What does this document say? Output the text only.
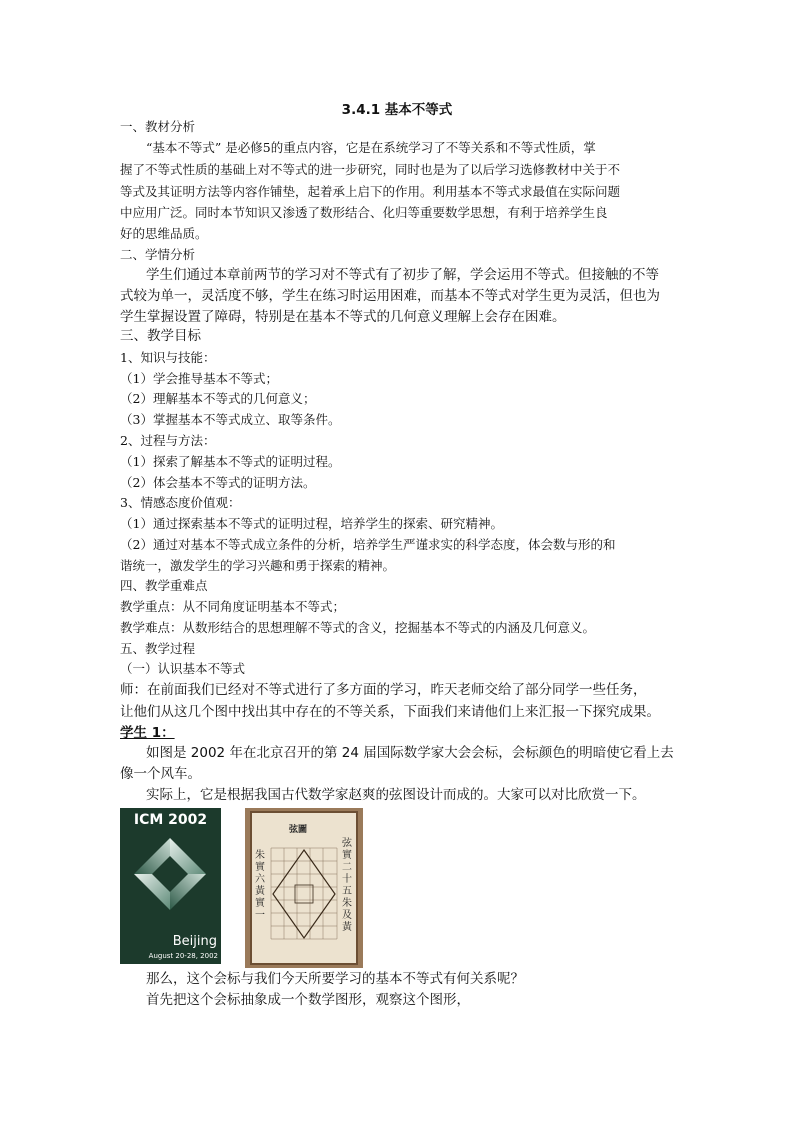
3.4.1 基本不等式
一、教材分析
“基本不等式” 是必修5的重点内容，它是在系统学习了不等关系和不等式性质，掌
握了不等式性质的基础上对不等式的进一步研究，同时也是为了以后学习选修教材中关于不
等式及其证明方法等内容作铺垫，起着承上启下的作用。利用基本不等式求最值在实际问题
中应用广泛。同时本节知识又渗透了数形结合、化归等重要数学思想，有利于培养学生良
好的思维品质。
二、学情分析
学生们通过本章前两节的学习对不等式有了初步了解，学会运用不等式。但接触的不等
式较为单一，灵活度不够，学生在练习时运用困难，而基本不等式对学生更为灵活，但也为
学生掌握设置了障碍，特别是在基本不等式的几何意义理解上会存在困难。
三、教学目标
1、知识与技能：
（1）学会推导基本不等式；
（2）理解基本不等式的几何意义；
（3）掌握基本不等式成立、取等条件。
2、过程与方法：
（1）探索了解基本不等式的证明过程。
（2）体会基本不等式的证明方法。
3、情感态度价值观：
（1）通过探索基本不等式的证明过程，培养学生的探索、研究精神。
（2）通过对基本不等式成立条件的分析，培养学生严谨求实的科学态度，体会数与形的和
谐统一，激发学生的学习兴趣和勇于探索的精神。
四、教学重难点
教学重点：从不同角度证明基本不等式；
教学难点：从数形结合的思想理解不等式的含义，挖掘基本不等式的内涵及几何意义。
五、教学过程
（一）认识基本不等式
师：在前面我们已经对不等式进行了多方面的学习，昨天老师交给了部分同学一些任务，
让他们从这几个图中找出其中存在的不等关系，下面我们来请他们上来汇报一下探究成果。
学生 1：
如图是 2002 年在北京召开的第 24 届国际数学家大会会标，会标颜色的明暗使它看上去
像一个风车。
实际上，它是根据我国古代数学家赵爽的弦图设计而成的。大家可以对比欣赏一下。
ICM 2002
Beijing
August 20-28, 2002
弦圖
朱實六黃實一
弦實二十五朱及黃
那么，这个会标与我们今天所要学习的基本不等式有何关系呢？
首先把这个会标抽象成一个数学图形，观察这个图形，
